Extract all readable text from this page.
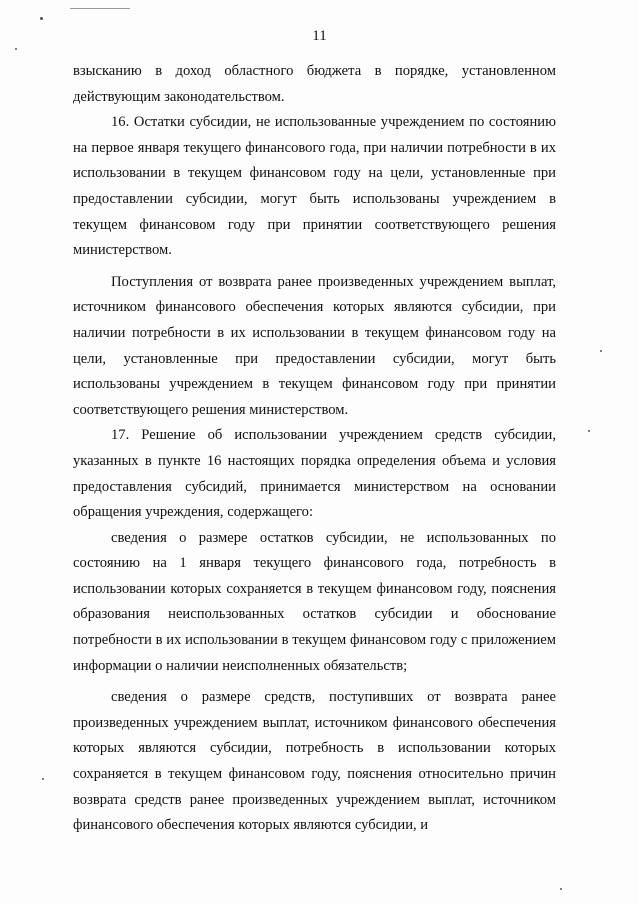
11

взысканию в доход областного бюджета в порядке, установленном действующим законодательством.

16. Остатки субсидии, не использованные учреждением по состоянию на первое января текущего финансового года, при наличии потребности в их использовании в текущем финансовом году на цели, установленные при предоставлении субсидии, могут быть использованы учреждением в текущем финансовом году при принятии соответствующего решения министерством.

Поступления от возврата ранее произведенных учреждением выплат, источником финансового обеспечения которых являются субсидии, при наличии потребности в их использовании в текущем финансовом году на цели, установленные при предоставлении субсидии, могут быть использованы учреждением в текущем финансовом году при принятии соответствующего решения министерством.

17. Решение об использовании учреждением средств субсидии, указанных в пункте 16 настоящих порядка определения объема и условия предоставления субсидий, принимается министерством на основании обращения учреждения, содержащего:

сведения о размере остатков субсидии, не использованных по состоянию на 1 января текущего финансового года, потребность в использовании которых сохраняется в текущем финансовом году, пояснения образования неиспользованных остатков субсидии и обоснование потребности в их использовании в текущем финансовом году с приложением информации о наличии неисполненных обязательств;

сведения о размере средств, поступивших от возврата ранее произведенных учреждением выплат, источником финансового обеспечения которых являются субсидии, потребность в использовании которых сохраняется в текущем финансовом году, пояснения относительно причин возврата средств ранее произведенных учреждением выплат, источником финансового обеспечения которых являются субсидии, и
